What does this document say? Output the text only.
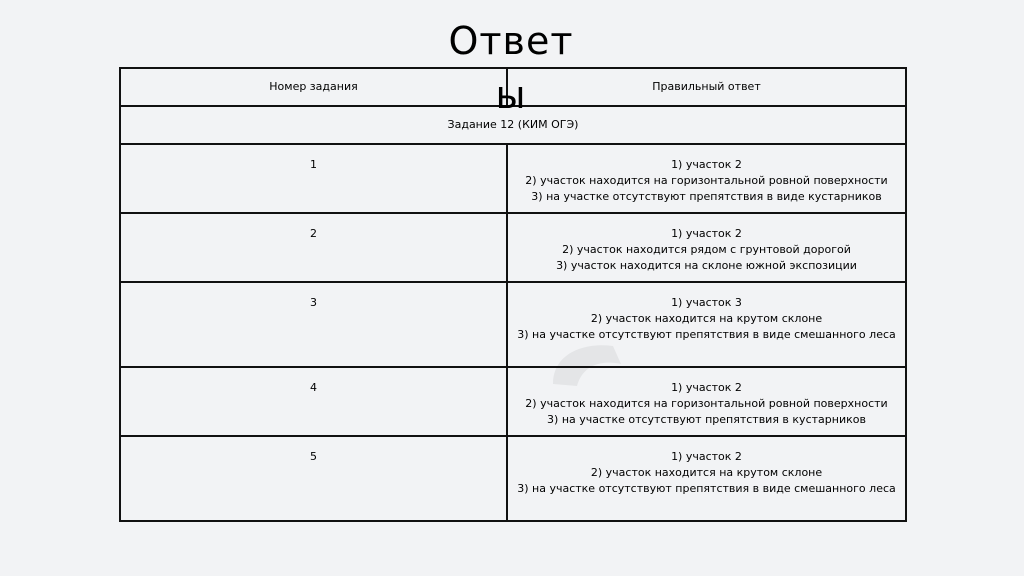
Ответы
Номер задания	Правильный ответ
Задание 12 (КИМ ОГЭ)	
1	1) участок 2
2) участок находится на горизонтальной ровной поверхности
3) на участке отсутствуют препятствия в виде кустарников

2	1) участок 2
2) участок находится рядом с грунтовой дорогой
3) участок находится на склоне южной экспозиции

3	1) участок 3
2) участок находится на крутом склоне
3) на участке отсутствуют препятствия в виде смешанного леса

4	1) участок 2
2) участок находится на горизонтальной ровной поверхности
3) на участке отсутствуют препятствия в кустарников

5	1) участок 2
2) участок находится на крутом склоне
3) на участке отсутствуют препятствия в виде смешанного леса
